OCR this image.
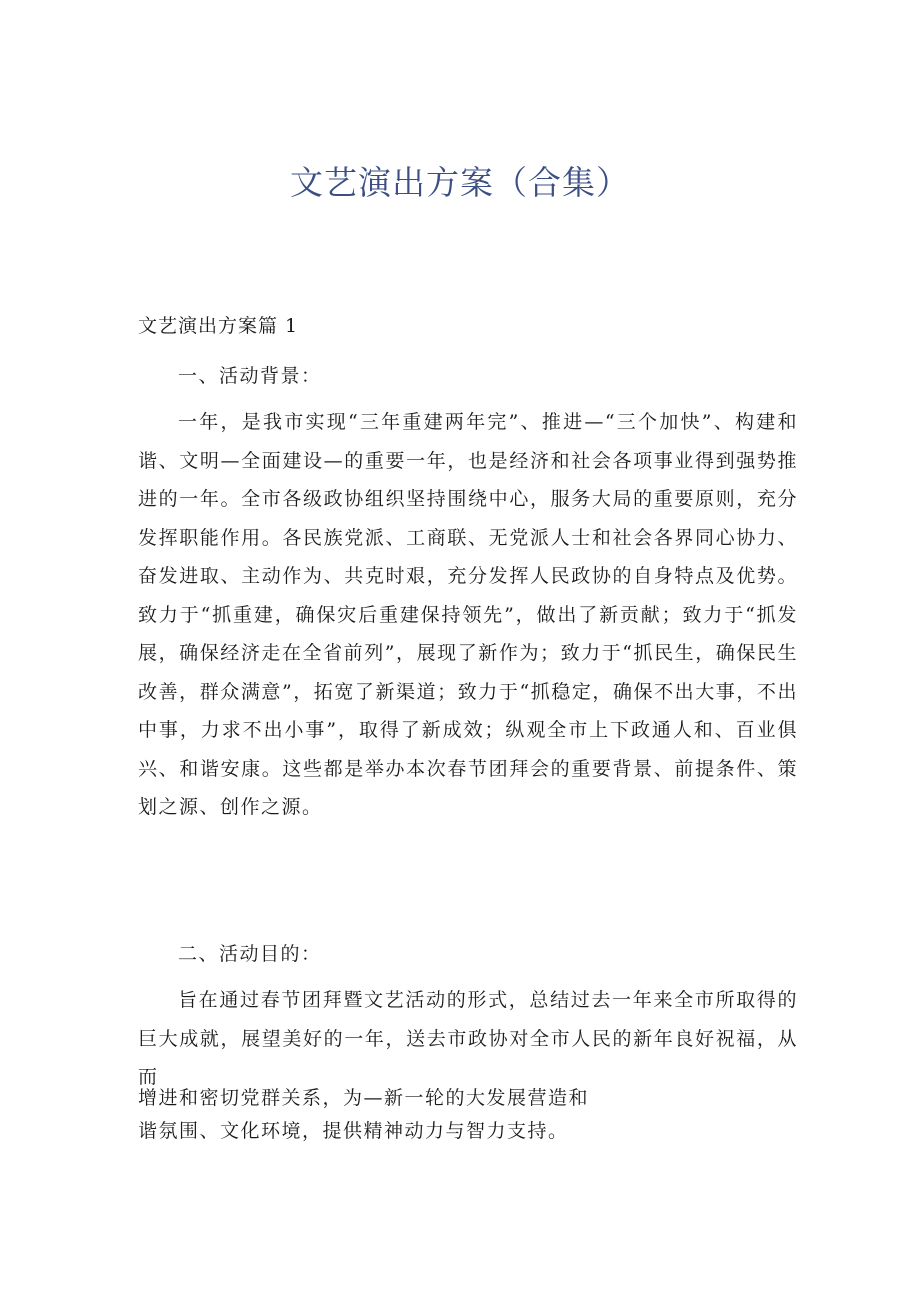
文艺演出方案（合集）
文艺演出方案篇 1
一、活动背景：

一年，是我市实现“三年重建两年完”、推进—“三个加快”、构建和谐、文明—全面建设—的重要一年，也是经济和社会各项事业得到强势推进的一年。全市各级政协组织坚持围绕中心，服务大局的重要原则，充分发挥职能作用。各民族党派、工商联、无党派人士和社会各界同心协力、奋发进取、主动作为、共克时艰，充分发挥人民政协的自身特点及优势。致力于“抓重建，确保灾后重建保持领先”，做出了新贡献；致力于“抓发展，确保经济走在全省前列”，展现了新作为；致力于“抓民生，确保民生改善，群众满意”，拓宽了新渠道；致力于“抓稳定，确保不出大事，不出中事，力求不出小事”，取得了新成效；纵观全市上下政通人和、百业俱兴、和谐安康。这些都是举办本次春节团拜会的重要背景、前提条件、策划之源、创作之源。

二、活动目的：

旨在通过春节团拜暨文艺活动的形式，总结过去一年来全市所取得的巨大成就，展望美好的一年，送去市政协对全市人民的新年良好祝福，从而

增进和密切党群关系，为—新一轮的大发展营造和
谐氛围、文化环境，提供精神动力与智力支持。
